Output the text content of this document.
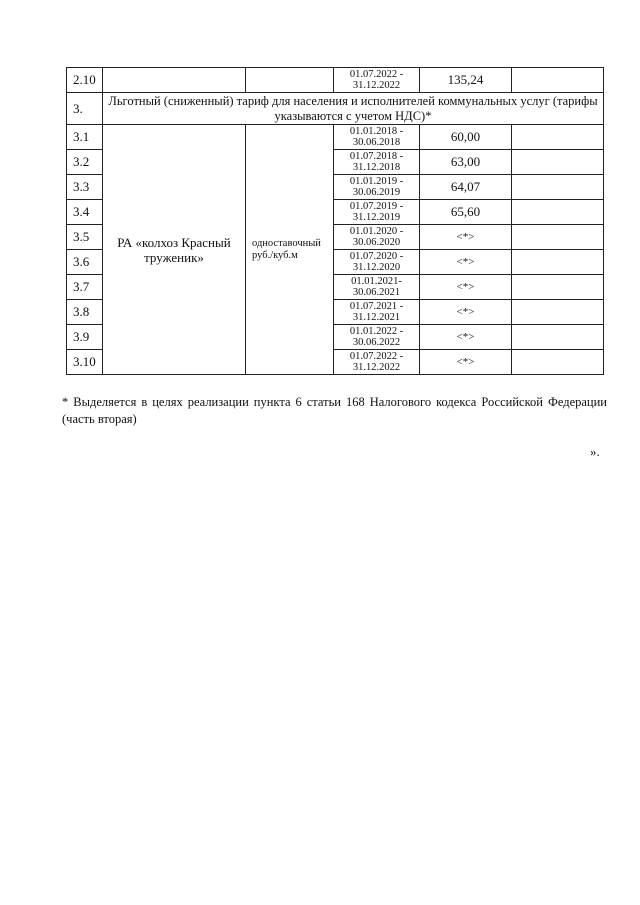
2.10			01.07.2022 - 31.12.2022	135,24	
3.	Льготный (сниженный) тариф для населения и исполнителей коммунальных услуг (тарифы указываются с учетом НДС)*				
3.1	РА «колхоз Красный труженик»	одноставочный руб./куб.м	01.01.2018 - 30.06.2018	60,00	
3.2			01.07.2018 - 31.12.2018	63,00	
3.3			01.01.2019 - 30.06.2019	64,07	
3.4			01.07.2019 - 31.12.2019	65,60	
3.5			01.01.2020 - 30.06.2020	<*>	
3.6			01.07.2020 - 31.12.2020	<*>	
3.7			01.01.2021- 30.06.2021	<*>	
3.8			01.07.2021 - 31.12.2021	<*>	
3.9			01.01.2022 - 30.06.2022	<*>	
3.10			01.07.2022 - 31.12.2022	<*>	
* Выделяется в целях реализации пункта 6 статьи 168 Налогового кодекса Российской Федерации (часть вторая)
».
